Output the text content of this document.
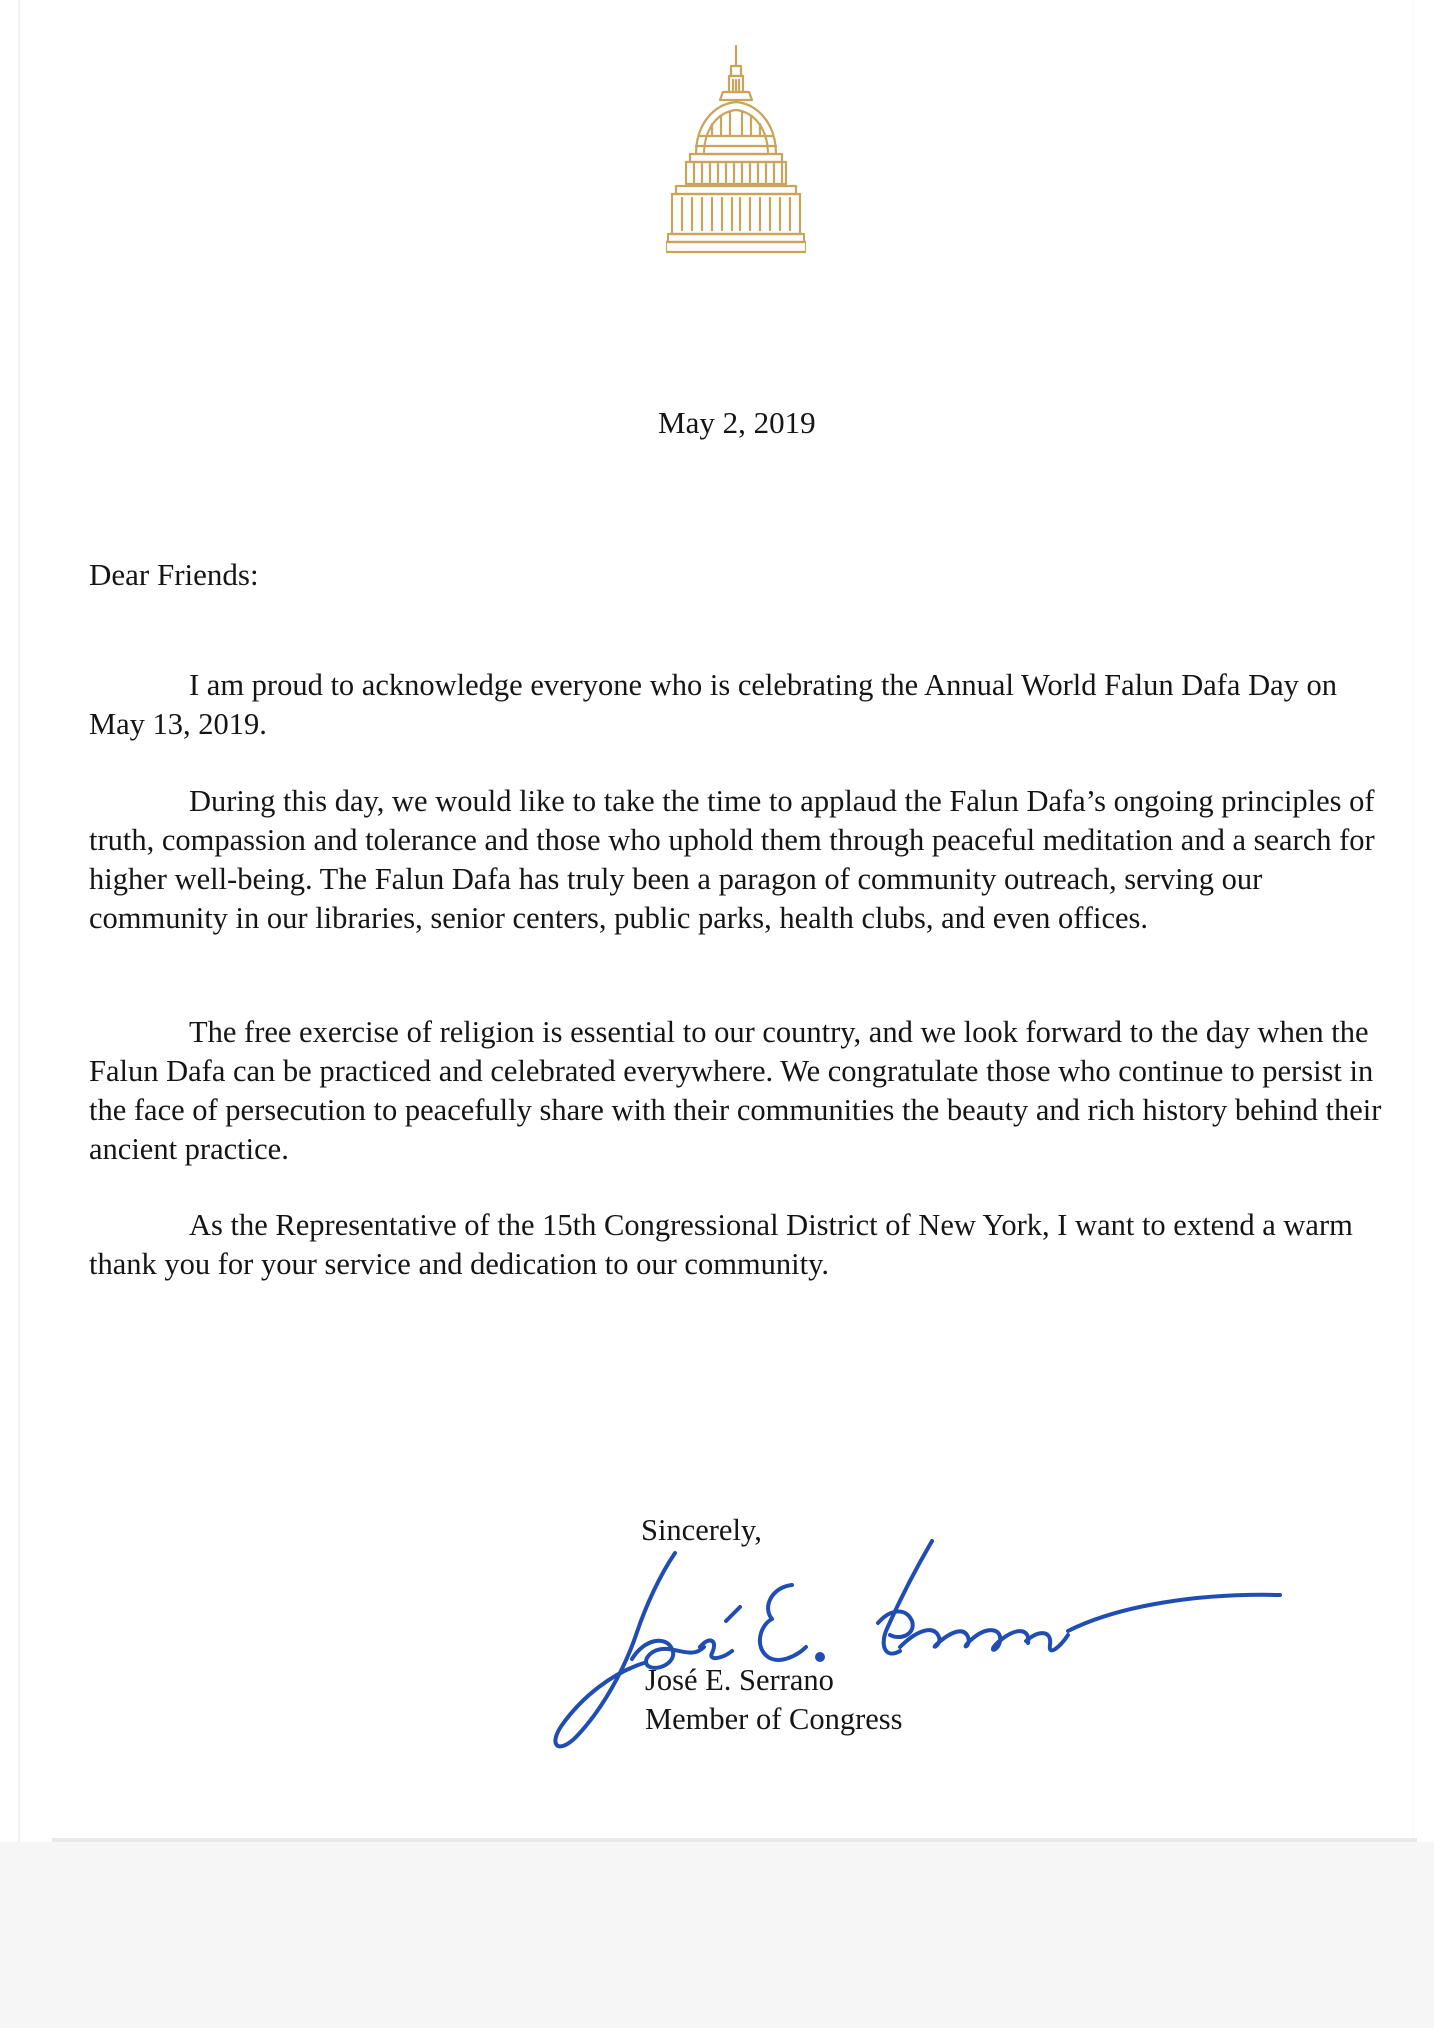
May 2, 2019
Dear Friends:

I am proud to acknowledge everyone who is celebrating the Annual World Falun Dafa Day on May 13, 2019.

During this day, we would like to take the time to applaud the Falun Dafa’s ongoing principles of truth, compassion and tolerance and those who uphold them through peaceful meditation and a search for higher well-being. The Falun Dafa has truly been a paragon of community outreach, serving our community in our libraries, senior centers, public parks, health clubs, and even offices.

The free exercise of religion is essential to our country, and we look forward to the day when the Falun Dafa can be practiced and celebrated everywhere. We congratulate those who continue to persist in the face of persecution to peacefully share with their communities the beauty and rich history behind their ancient practice.

As the Representative of the 15th Congressional District of New York, I want to extend a warm thank you for your service and dedication to our community.

Sincerely,
José E. Serrano
Member of Congress
